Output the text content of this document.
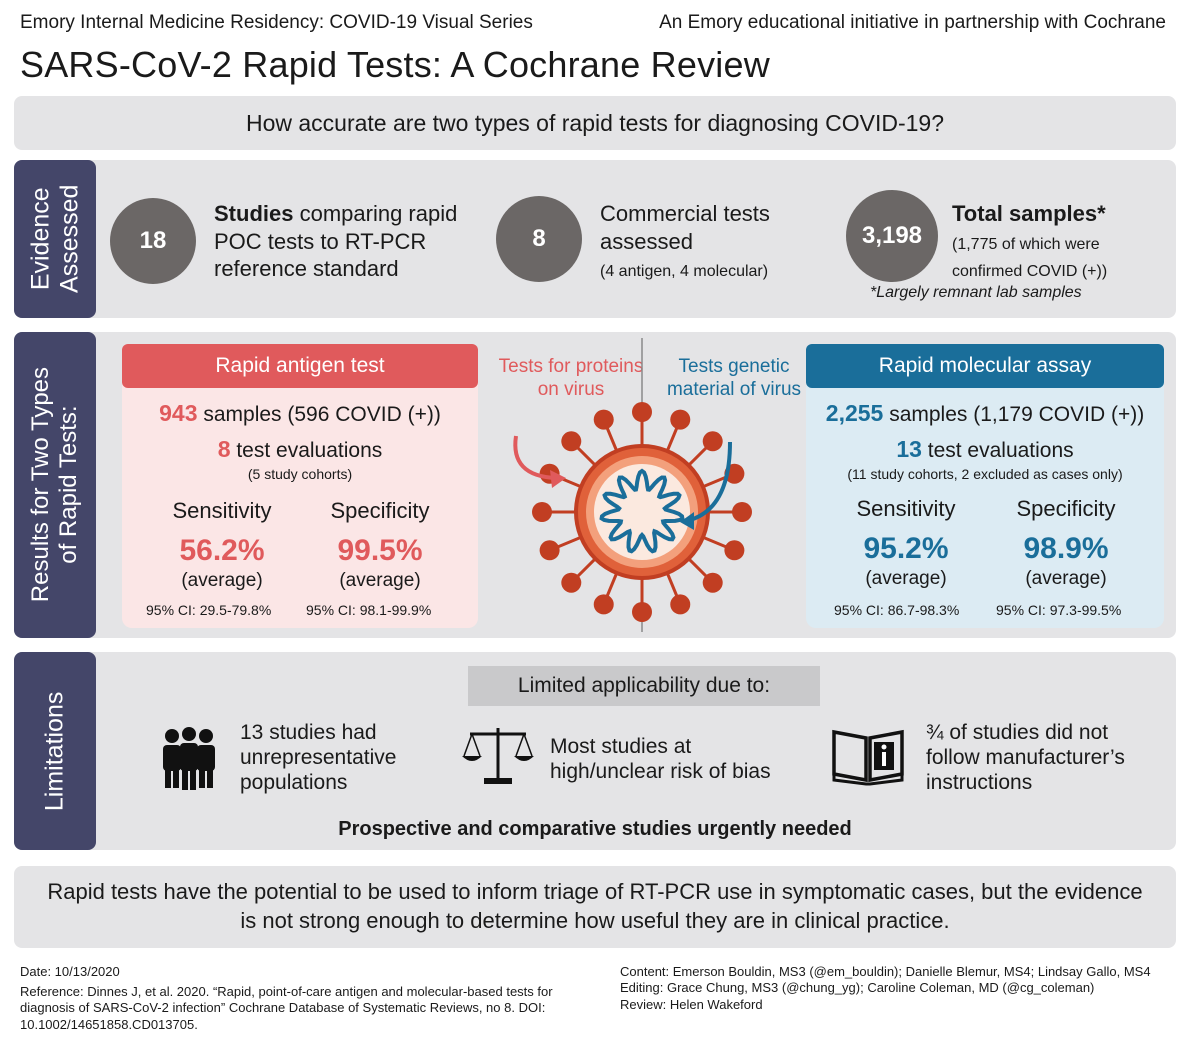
Emory Internal Medicine Residency: COVID-19 Visual Series	An Emory educational initiative in partnership with Cochrane
SARS-CoV-2 Rapid Tests: A Cochrane Review
How accurate are two types of rapid tests for diagnosing COVID-19?
Evidence
Assessed	18
Studies comparing rapid POC tests to RT-PCR reference standard
8
Commercial tests assessed
(4 antigen, 4 molecular)
3,198
Total samples*
(1,775 of which were confirmed COVID (+))
*Largely remnant lab samples
Results for Two Types
of Rapid Tests:
Rapid antigen test
943 samples (596 COVID (+))
8 test evaluations
(5 study cohorts)
Sensitivity
56.2%
(average)
Specificity
99.5%
(average)
95% CI: 29.5-79.8% 95% CI: 98.1-99.9%
Tests for proteins on virus
Tests genetic material of virus
Rapid molecular assay
2,255 samples (1,179 COVID (+))
13 test evaluations
(11 study cohorts, 2 excluded as cases only)
Sensitivity
95.2%
(average)
Specificity
98.9%
(average)
95% CI: 86.7-98.3%	95% CI: 97.3-99.5%
Limitations
Limited applicability due to:
13 studies had unrepresentative populations
Most studies at high/unclear risk of bias
¾ of studies did not follow manufacturer’s instructions
Prospective and comparative studies urgently needed
Rapid tests have the potential to be used to inform triage of RT-PCR use in symptomatic cases, but the evidence is not strong enough to determine how useful they are in clinical practice.
Date: 10/13/2020
Reference: Dinnes J, et al. 2020. “Rapid, point-of-care antigen and molecular-based tests for diagnosis of SARS-CoV-2 infection” Cochrane Database of Systematic Reviews, no 8. DOI: 10.1002/14651858.CD013705.
Content: Emerson Bouldin, MS3 (@em_bouldin); Danielle Blemur, MS4; Lindsay Gallo, MS4
Editing: Grace Chung, MS3 (@chung_yg); Caroline Coleman, MD (@cg_coleman)
Review: Helen Wakeford
